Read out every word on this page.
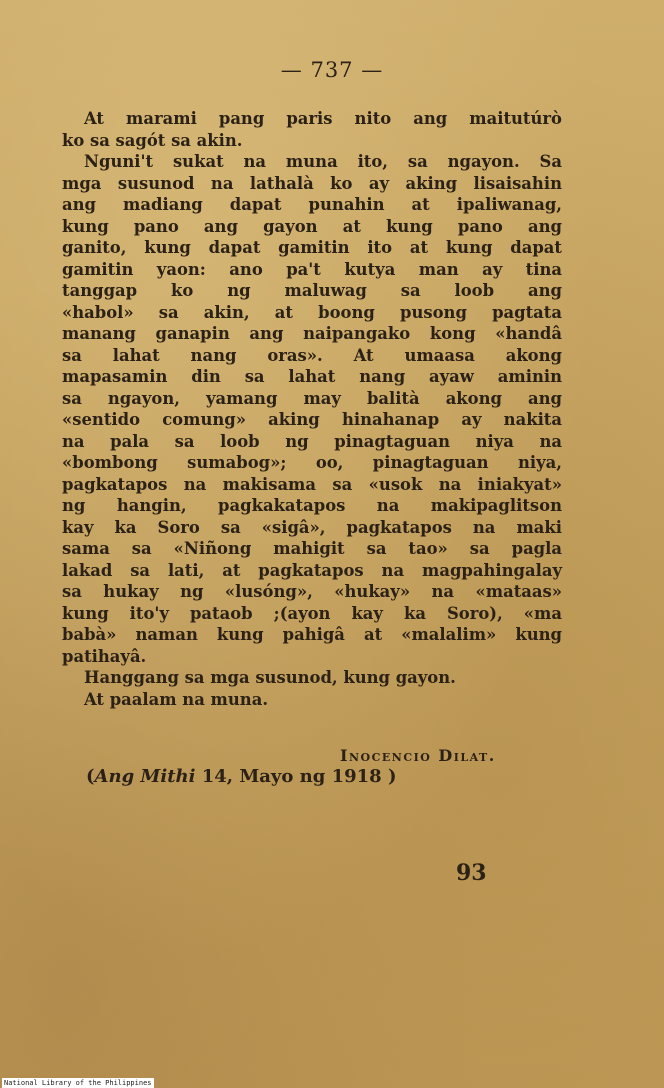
— 737 —
At marami pang paris nito ang maitutúrò
ko sa sagót sa akin.
Nguni't sukat na muna ito, sa ngayon. Sa
mga susunod na lathalà ko ay aking lisaisahin
ang madiang dapat punahin at ipaliwanag,
kung pano ang gayon at kung pano ang
ganito, kung dapat gamitin ito at kung dapat
gamitin yaon: ano pa't kutya man ay tina
tanggap ko ng maluwag sa loob ang
«habol» sa akin, at boong pusong pagtata
manang ganapin ang naipangako kong «handâ
sa lahat nang oras». At umaasa akong
mapasamin din sa lahat nang ayaw aminin
sa ngayon, yamang may balità akong ang
«sentido comung» aking hinahanap ay nakita
na pala sa loob ng pinagtaguan niya na
«bombong sumabog»; oo, pinagtaguan niya,
pagkatapos na makisama sa «usok na iniakyat»
ng hangin, pagkakatapos na makipaglitson
kay ka Soro sa «sigâ», pagkatapos na maki
sama sa «Niñong mahigit sa tao» sa pagla
lakad sa lati, at pagkatapos na magpahingalay
sa hukay ng «lusóng», «hukay» na «mataas»
kung ito'y pataob ;(ayon kay ka Soro), «ma
babà» naman kung pahigâ at «malalim» kung
patihayâ.
Hanggang sa mga susunod, kung gayon.
At paalam na muna.
Inocencio Dilat.
(Ang Mithi 14, Mayo ng 1918 )
93
National Library of the Philippines
